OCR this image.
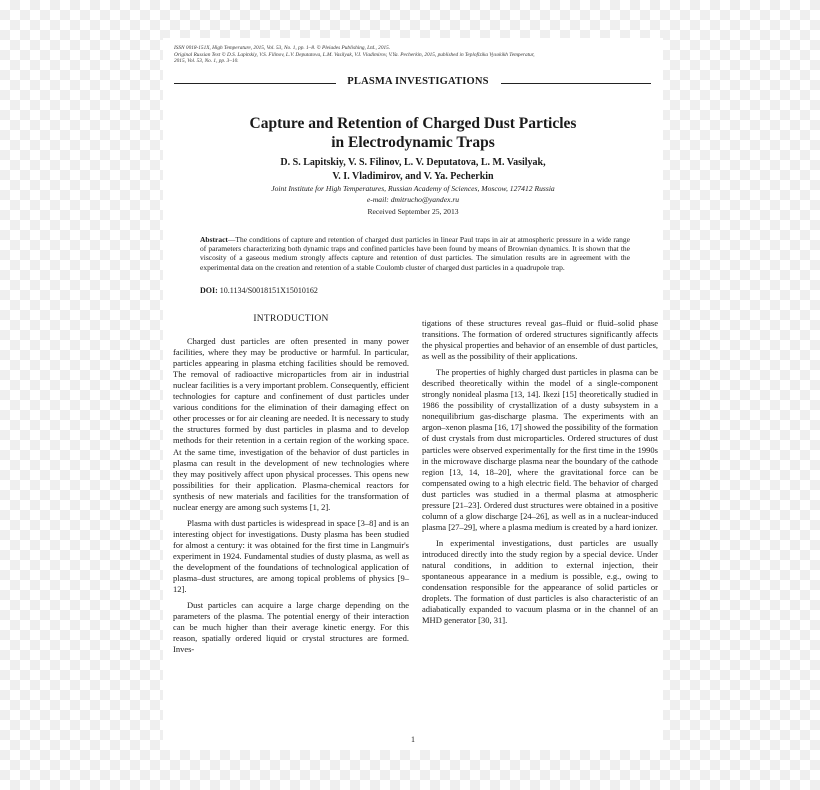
ISSN 0018-151X, High Temperature, 2015, Vol. 53, No. 1, pp. 1–8. © Pleiades Publishing, Ltd., 2015.
Original Russian Text © D.S. Lapitskiy, V.S. Filinov, L.V. Deputatova, L.M. Vasilyak, V.I. Vladimirov, V.Ya. Pecherkin, 2015, published in Teplofizika Vysokikh Temperatur,
2015, Vol. 53, No. 1, pp. 3–10.
PLASMA INVESTIGATIONS
Capture and Retention of Charged Dust Particles
in Electrodynamic Traps
D. S. Lapitskiy, V. S. Filinov, L. V. Deputatova, L. M. Vasilyak,
V. I. Vladimirov, and V. Ya. Pecherkin
Joint Institute for High Temperatures, Russian Academy of Sciences, Moscow, 127412 Russia
e-mail: dmitrucho@yandex.ru
Received September 25, 2013
Abstract—The conditions of capture and retention of charged dust particles in linear Paul traps in air at atmospheric pressure in a wide range of parameters characterizing both dynamic traps and confined particles have been found by means of Brownian dynamics. It is shown that the viscosity of a gaseous medium strongly affects capture and retention of dust particles. The simulation results are in agreement with the experimental data on the creation and retention of a stable Coulomb cluster of charged dust particles in a quadrupole trap.
DOI: 10.1134/S0018151X15010162
INTRODUCTION

Charged dust particles are often presented in many power facilities, where they may be productive or harmful. In particular, particles appearing in plasma etching facilities should be removed. The removal of radioactive microparticles from air in industrial nuclear facilities is a very important problem. Consequently, efficient technologies for capture and confinement of dust particles under various conditions for the elimination of their damaging effect on other processes or for air cleaning are needed. It is necessary to study the structures formed by dust particles in plasma and to develop methods for their retention in a certain region of the working space. At the same time, investigation of the behavior of dust particles in plasma can result in the development of new technologies where they may positively affect upon physical processes. This opens new possibilities for their application. Plasma-chemical reactors for synthesis of new materials and facilities for the transformation of nuclear energy are among such systems [1, 2].

Plasma with dust particles is widespread in space [3–8] and is an interesting object for investigations. Dusty plasma has been studied for almost a century: it was obtained for the first time in Langmuir's experiment in 1924. Fundamental studies of dusty plasma, as well as the development of the foundations of technological application of plasma–dust structures, are among topical problems of physics [9–12].

Dust particles can acquire a large charge depending on the parameters of the plasma. The potential energy of their interaction can be much higher than their average kinetic energy. For this reason, spatially ordered liquid or crystal structures are formed. Inves-

tigations of these structures reveal gas–fluid or fluid–solid phase transitions. The formation of ordered structures significantly affects the physical properties and behavior of an ensemble of dust particles, as well as the possibility of their applications.

The properties of highly charged dust particles in plasma can be described theoretically within the model of a single-component strongly nonideal plasma [13, 14]. Ikezi [15] theoretically studied in 1986 the possibility of crystallization of a dusty subsystem in a nonequilibrium gas-discharge plasma. The experiments with an argon–xenon plasma [16, 17] showed the possibility of the formation of dust crystals from dust microparticles. Ordered structures of dust particles were observed experimentally for the first time in the 1990s in the microwave discharge plasma near the boundary of the cathode region [13, 14, 18–20], where the gravitational force can be compensated owing to a high electric field. The behavior of charged dust particles was studied in a thermal plasma at atmospheric pressure [21–23]. Ordered dust structures were obtained in a positive column of a glow discharge [24–26], as well as in a nuclear-induced plasma [27–29], where a plasma medium is created by a hard ionizer.

In experimental investigations, dust particles are usually introduced directly into the study region by a special device. Under natural conditions, in addition to external injection, their spontaneous appearance in a medium is possible, e.g., owing to condensation responsible for the appearance of solid particles or droplets. The formation of dust particles is also characteristic of an adiabatically expanded to vacuum plasma or in the channel of an MHD generator [30, 31].

1
